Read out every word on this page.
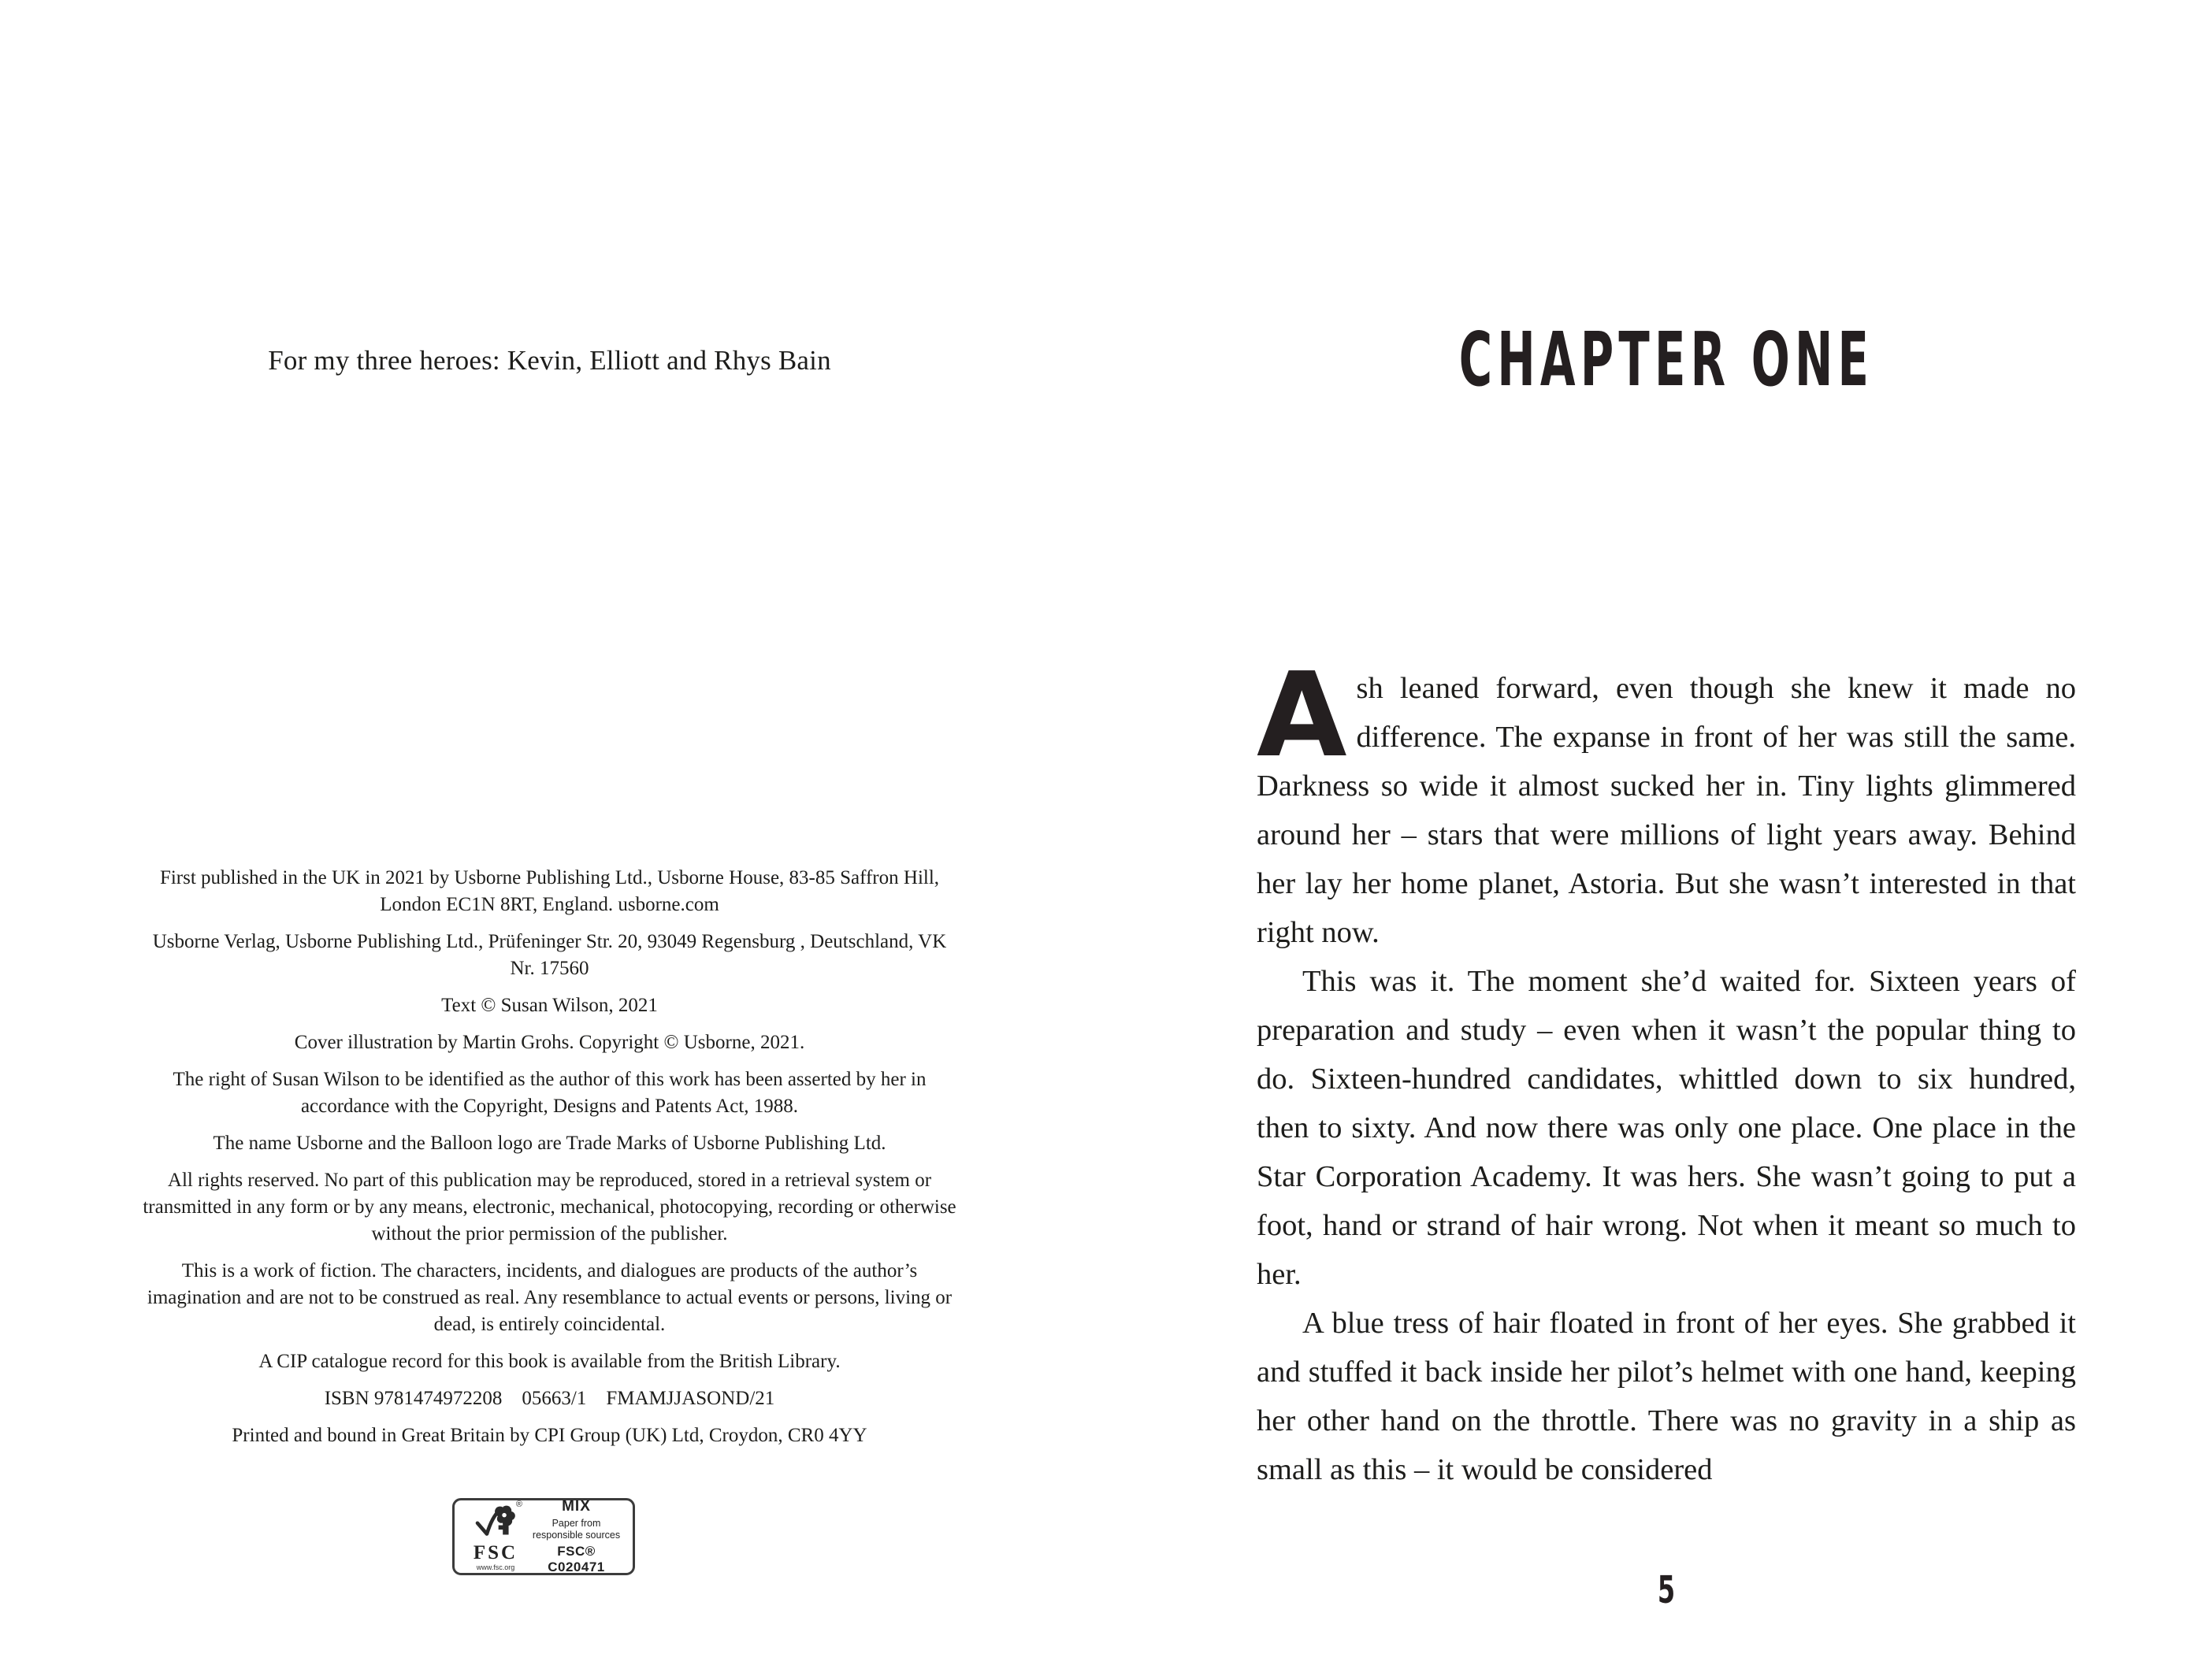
For my three heroes: Kevin, Elliott and Rhys Bain

First published in the UK in 2021 by Usborne Publishing Ltd., Usborne House, 83-85 Saffron Hill, London EC1N 8RT, England. usborne.com

Usborne Verlag, Usborne Publishing Ltd., Prüfeninger Str. 20, 93049 Regensburg , Deutschland, VK Nr. 17560

Text © Susan Wilson, 2021

Cover illustration by Martin Grohs. Copyright © Usborne, 2021.

The right of Susan Wilson to be identified as the author of this work has been asserted by her in accordance with the Copyright, Designs and Patents Act, 1988.

The name Usborne and the Balloon logo are Trade Marks of Usborne Publishing Ltd.

All rights reserved. No part of this publication may be reproduced, stored in a retrieval system or transmitted in any form or by any means, electronic, mechanical, photocopying, recording or otherwise without the prior permission of the publisher.

This is a work of fiction. The characters, incidents, and dialogues are products of the author’s imagination and are not to be construed as real. Any resemblance to actual events or persons, living or dead, is entirely coincidental.

A CIP catalogue record for this book is available from the British Library.

ISBN 9781474972208    05663/1    FMAMJJASOND/21

Printed and bound in Great Britain by CPI Group (UK) Ltd, Croydon, CR0 4YY

®
FSC
www.fsc.org
MIX
Paper from responsible sources
FSC® C020471
CHAPTER ONE

Ash leaned forward, even though she knew it made no difference. The expanse in front of her was still the same. Darkness so wide it almost sucked her in. Tiny lights glimmered around her – stars that were millions of light years away. Behind her lay her home planet, Astoria. But she wasn’t interested in that right now.

This was it. The moment she’d waited for. Sixteen years of preparation and study – even when it wasn’t the popular thing to do. Sixteen-hundred candidates, whittled down to six hundred, then to sixty. And now there was only one place. One place in the Star Corporation Academy. It was hers. She wasn’t going to put a foot, hand or strand of hair wrong. Not when it meant so much to her.

A blue tress of hair floated in front of her eyes. She grabbed it and stuffed it back inside her pilot’s helmet with one hand, keeping her other hand on the throttle. There was no gravity in a ship as small as this – it would be considered

5
